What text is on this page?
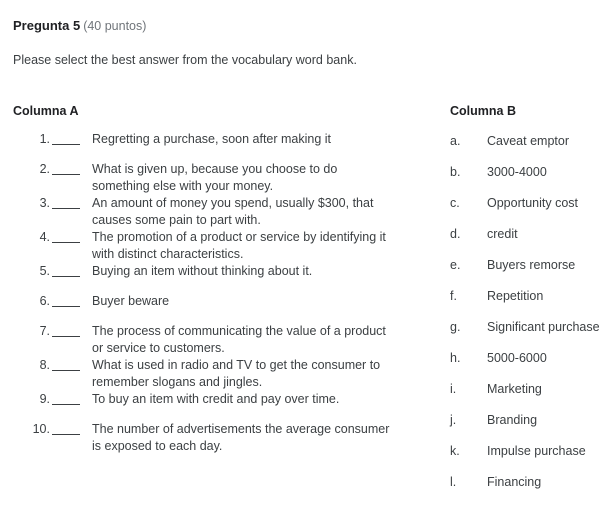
Pregunta 5 (40 puntos)
Please select the best answer from the vocabulary word bank.
Columna A
1.	Regretting a purchase, soon after making it
2.	What is given up, because you choose to do something else with your money.
3.	An amount of money you spend, usually $300, that causes some pain to part with.
4.	The promotion of a product or service by identifying it with distinct characteristics.
5.	Buying an item without thinking about it.
6.	Buyer beware
7.	The process of communicating the value of a product or service to customers.
8.	What is used in radio and TV to get the consumer to remember slogans and jingles.
9.	To buy an item with credit and pay over time.
10.	The number of advertisements the average consumer is exposed to each day.
Columna B
a.	Caveat emptor
b.	3000-4000
c.	Opportunity cost
d.	credit
e.	Buyers remorse
f.	Repetition
g.	Significant purchase
h.	5000-6000
i.	Marketing
j.	Branding
k.	Impulse purchase
l.	Financing
